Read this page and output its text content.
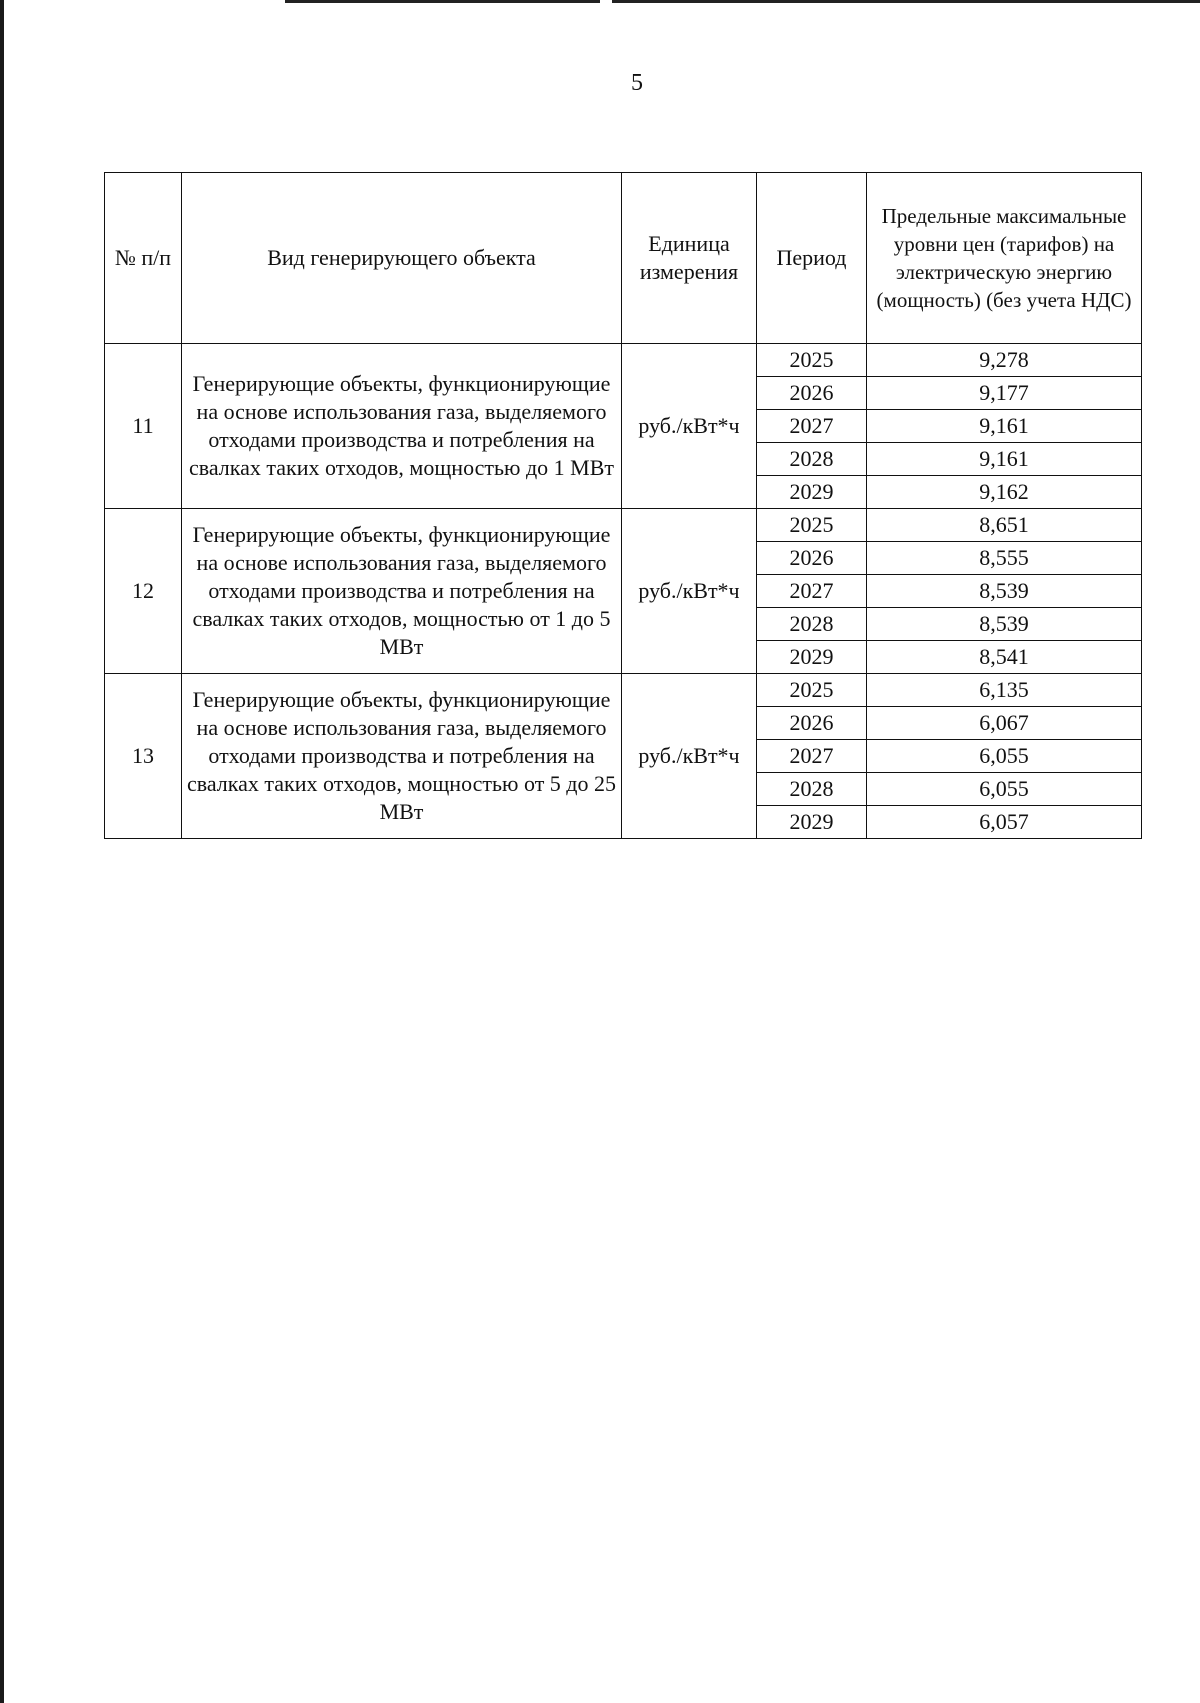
5
№ п/п	Вид генерирующего объекта	Единица измерения	Период	Предельные максимальные уровни цен (тарифов) на электрическую энергию (мощность) (без учета НДС)
11	Генерирующие объекты, функционирующие на основе использования газа, выделяемого отходами производства и потребления на свалках таких отходов, мощностью до 1 МВт	руб./кВт*ч	2025	9,278
			2026	9,177
			2027	9,161
			2028	9,161
			2029	9,162
12	Генерирующие объекты, функционирующие на основе использования газа, выделяемого отходами производства и потребления на свалках таких отходов, мощностью от 1 до 5 МВт	руб./кВт*ч	2025	8,651
			2026	8,555
			2027	8,539
			2028	8,539
			2029	8,541
13	Генерирующие объекты, функционирующие на основе использования газа, выделяемого отходами производства и потребления на свалках таких отходов, мощностью от 5 до 25 МВт	руб./кВт*ч	2025	6,135
			2026	6,067
			2027	6,055
			2028	6,055
			2029	6,057
